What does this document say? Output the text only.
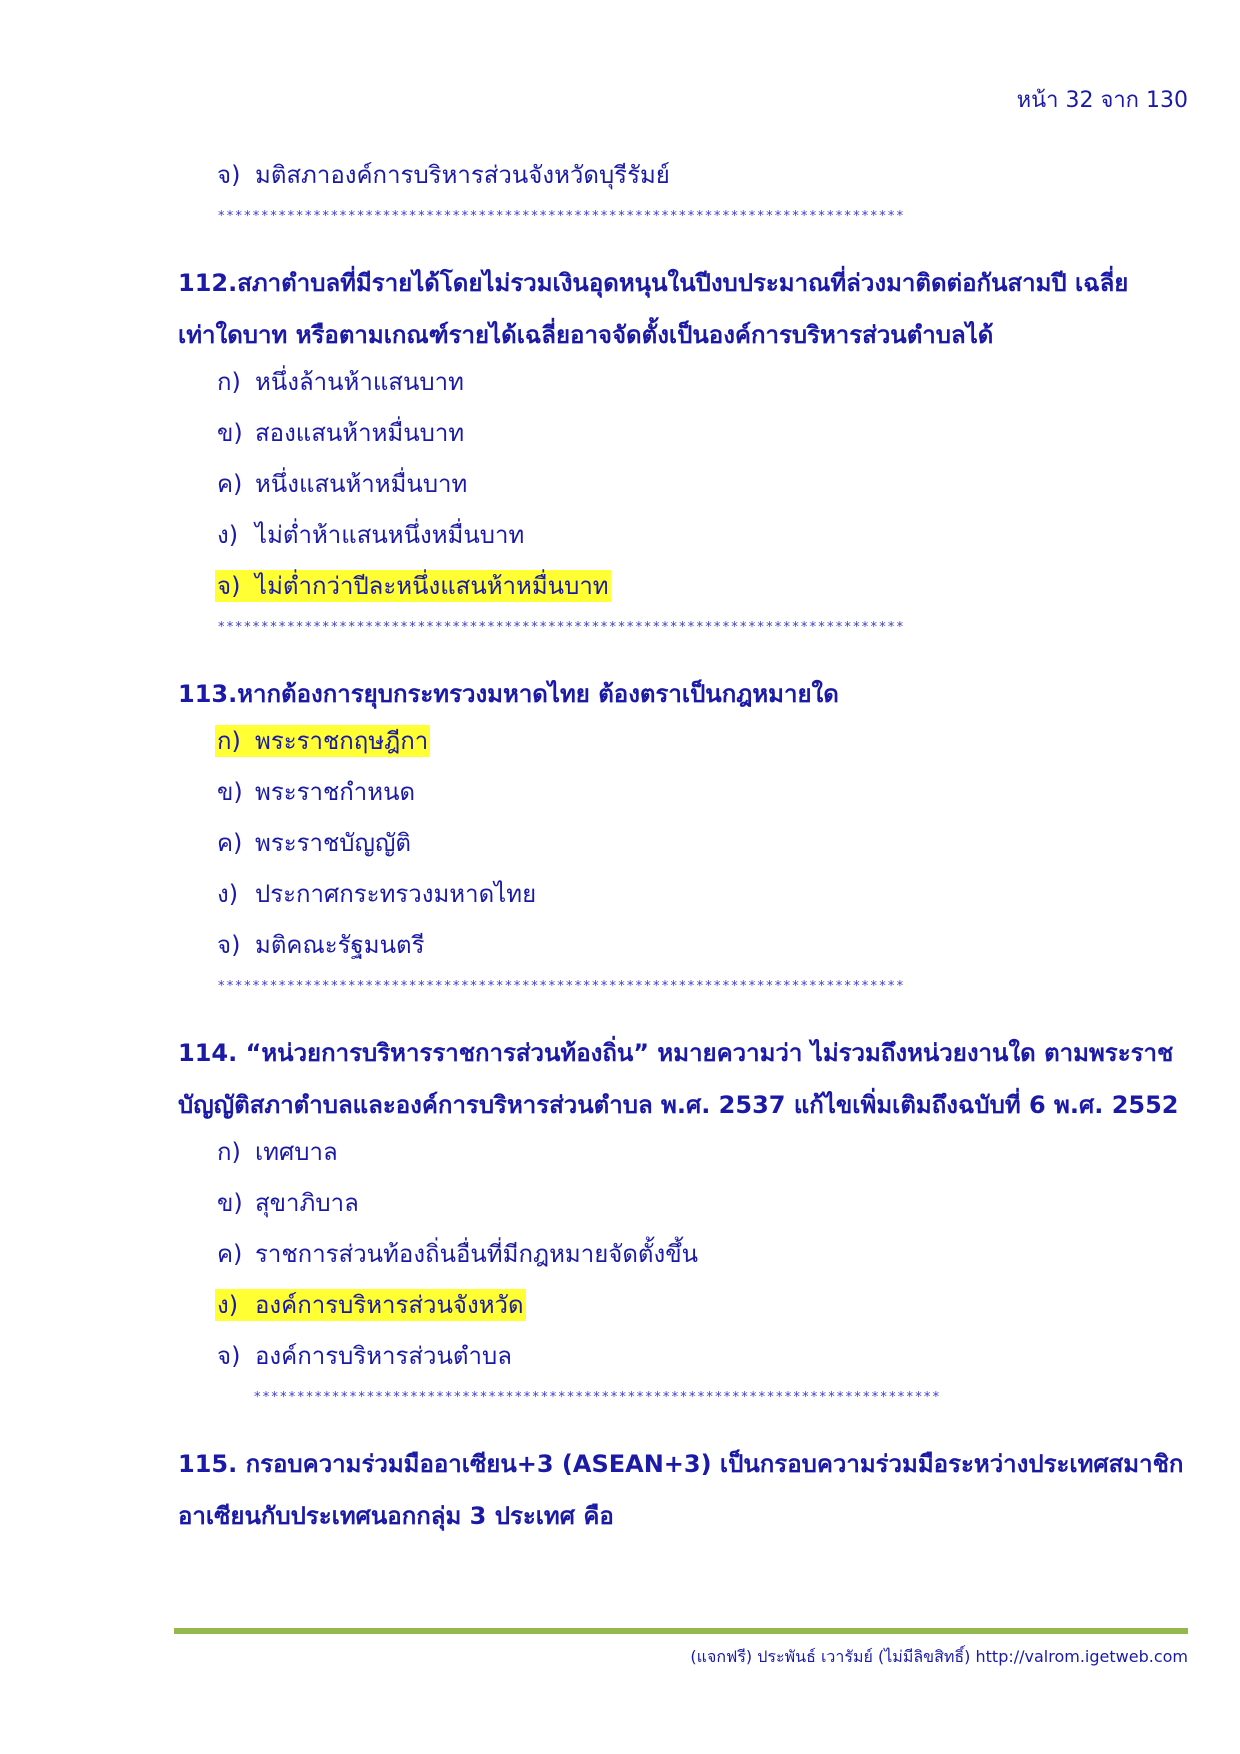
หน้า 32 จาก 130
จ) มติสภาองค์การบริหารส่วนจังหวัดบุรีรัมย์
*******************************************************************************
112.สภาตำบลที่มีรายได้โดยไม่รวมเงินอุดหนุนในปีงบประมาณที่ล่วงมาติดต่อกันสามปี เฉลี่ยเท่าใดบาท หรือตามเกณฑ์รายได้เฉลี่ยอาจจัดตั้งเป็นองค์การบริหารส่วนตำบลได้
ก) หนึ่งล้านห้าแสนบาท
ข) สองแสนห้าหมื่นบาท
ค) หนึ่งแสนห้าหมื่นบาท
ง) ไม่ต่ำห้าแสนหนึ่งหมื่นบาท
จ) ไม่ต่ำกว่าปีละหนึ่งแสนห้าหมื่นบาท
*******************************************************************************
113.หากต้องการยุบกระทรวงมหาดไทย ต้องตราเป็นกฎหมายใด
ก) พระราชกฤษฎีกา
ข) พระราชกำหนด
ค) พระราชบัญญัติ
ง) ประกาศกระทรวงมหาดไทย
จ) มติคณะรัฐมนตรี
*******************************************************************************
114. “หน่วยการบริหารราชการส่วนท้องถิ่น” หมายความว่า ไม่รวมถึงหน่วยงานใด ตามพระราชบัญญัติสภาตำบลและองค์การบริหารส่วนตำบล พ.ศ. 2537 แก้ไขเพิ่มเติมถึงฉบับที่ 6 พ.ศ. 2552
ก) เทศบาล
ข) สุขาภิบาล
ค) ราชการส่วนท้องถิ่นอื่นที่มีกฎหมายจัดตั้งขึ้น
ง) องค์การบริหารส่วนจังหวัด
จ) องค์การบริหารส่วนตำบล
*******************************************************************************
115. กรอบความร่วมมืออาเซียน+3 (ASEAN+3) เป็นกรอบความร่วมมือระหว่างประเทศสมาชิกอาเซียนกับประเทศนอกกลุ่ม 3 ประเทศ คือ
(แจกฟรี) ประพันธ์ เวารัมย์ (ไม่มีลิขสิทธิ์) http://valrom.igetweb.com
